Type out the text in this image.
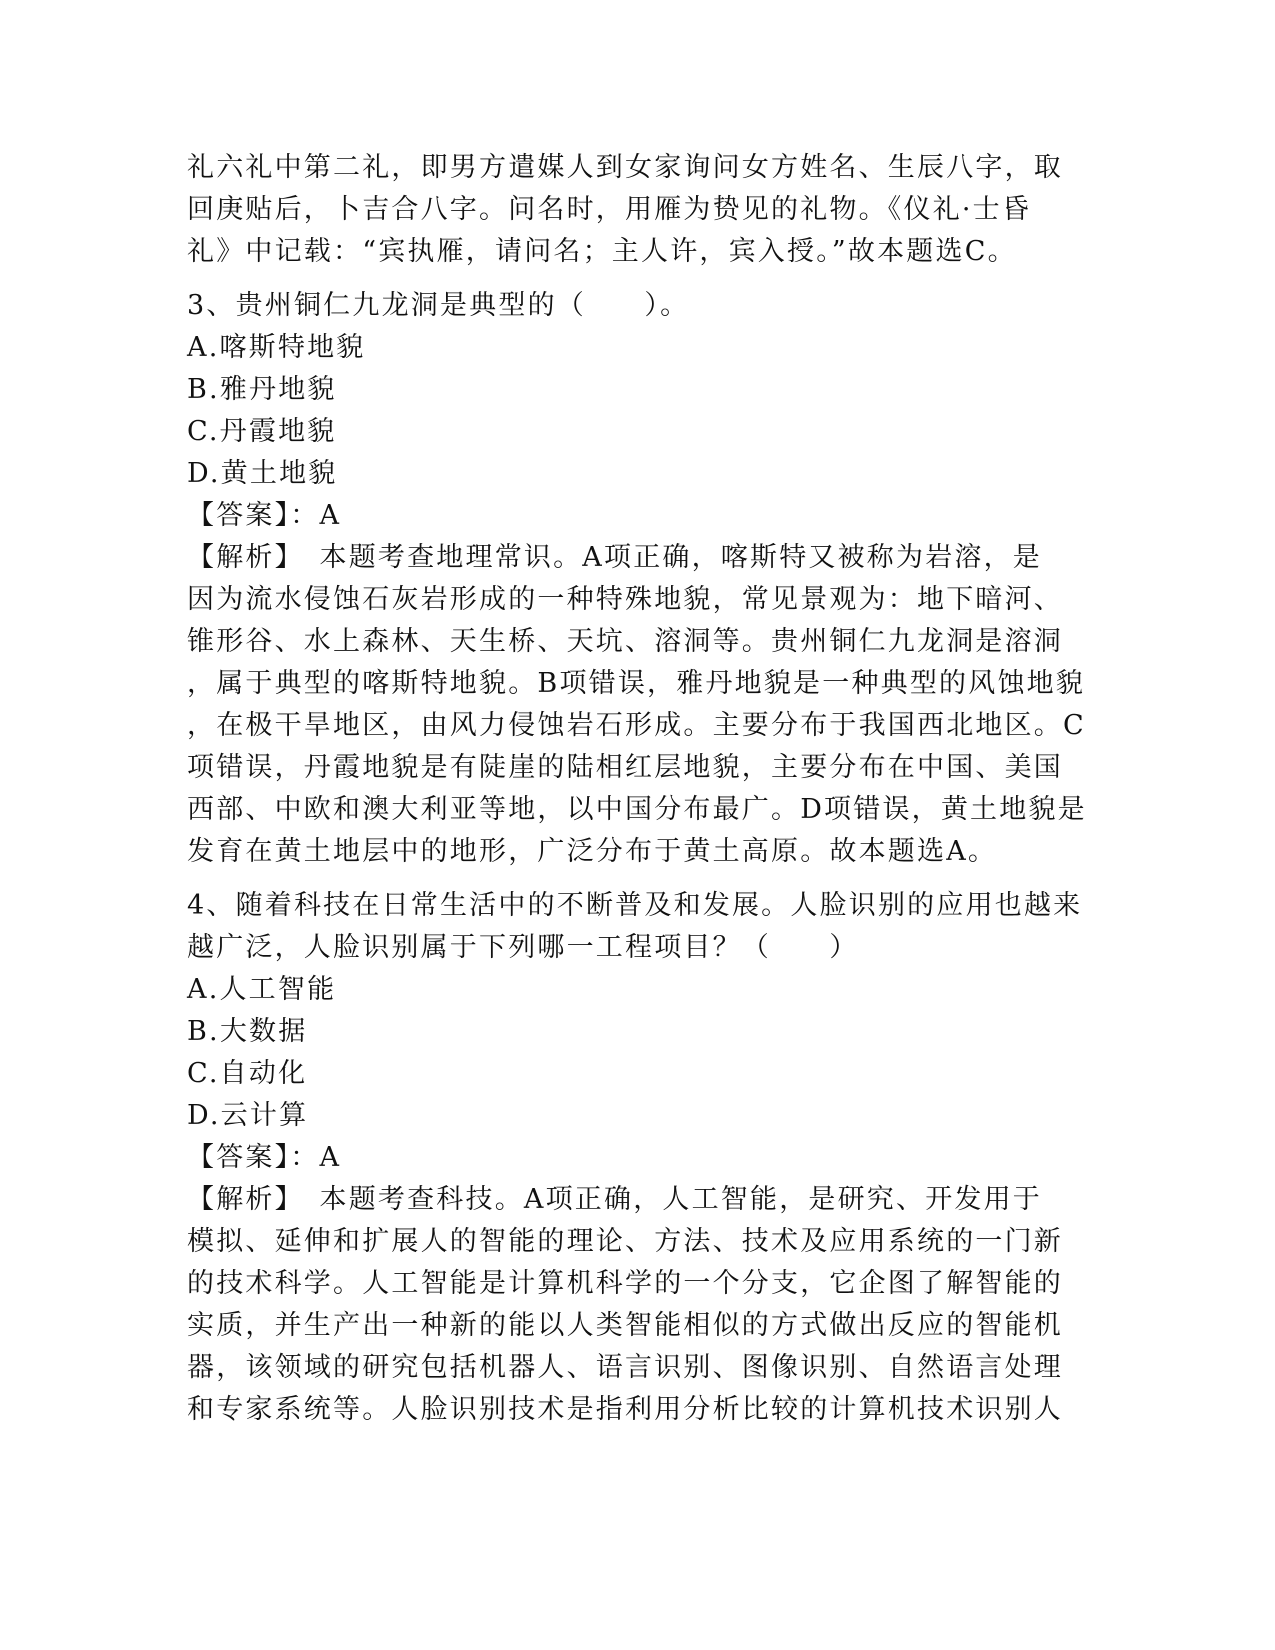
礼六礼中第二礼，即男方遣媒人到女家询问女方姓名、生辰八字，取
回庚贴后，卜吉合八字。问名时，用雁为贽见的礼物。《仪礼·士昏
礼》中记载：“宾执雁，请问名；主人许，宾入授。”故本题选C。
3、贵州铜仁九龙洞是典型的（　　）。
A.喀斯特地貌
B.雅丹地貌
C.丹霞地貌
D.黄土地貌
【答案】：A
【解析】　本题考查地理常识。A项正确，喀斯特又被称为岩溶，是
因为流水侵蚀石灰岩形成的一种特殊地貌，常见景观为：地下暗河、
锥形谷、水上森林、天生桥、天坑、溶洞等。贵州铜仁九龙洞是溶洞
，属于典型的喀斯特地貌。B项错误，雅丹地貌是一种典型的风蚀地貌
，在极干旱地区，由风力侵蚀岩石形成。主要分布于我国西北地区。C
项错误，丹霞地貌是有陡崖的陆相红层地貌，主要分布在中国、美国
西部、中欧和澳大利亚等地，以中国分布最广。D项错误，黄土地貌是
发育在黄土地层中的地形，广泛分布于黄土高原。故本题选A。
4、随着科技在日常生活中的不断普及和发展。人脸识别的应用也越来
越广泛，人脸识别属于下列哪一工程项目？（　　）
A.人工智能
B.大数据
C.自动化
D.云计算
【答案】：A
【解析】　本题考查科技。A项正确，人工智能，是研究、开发用于
模拟、延伸和扩展人的智能的理论、方法、技术及应用系统的一门新
的技术科学。人工智能是计算机科学的一个分支，它企图了解智能的
实质，并生产出一种新的能以人类智能相似的方式做出反应的智能机
器，该领域的研究包括机器人、语言识别、图像识别、自然语言处理
和专家系统等。人脸识别技术是指利用分析比较的计算机技术识别人
